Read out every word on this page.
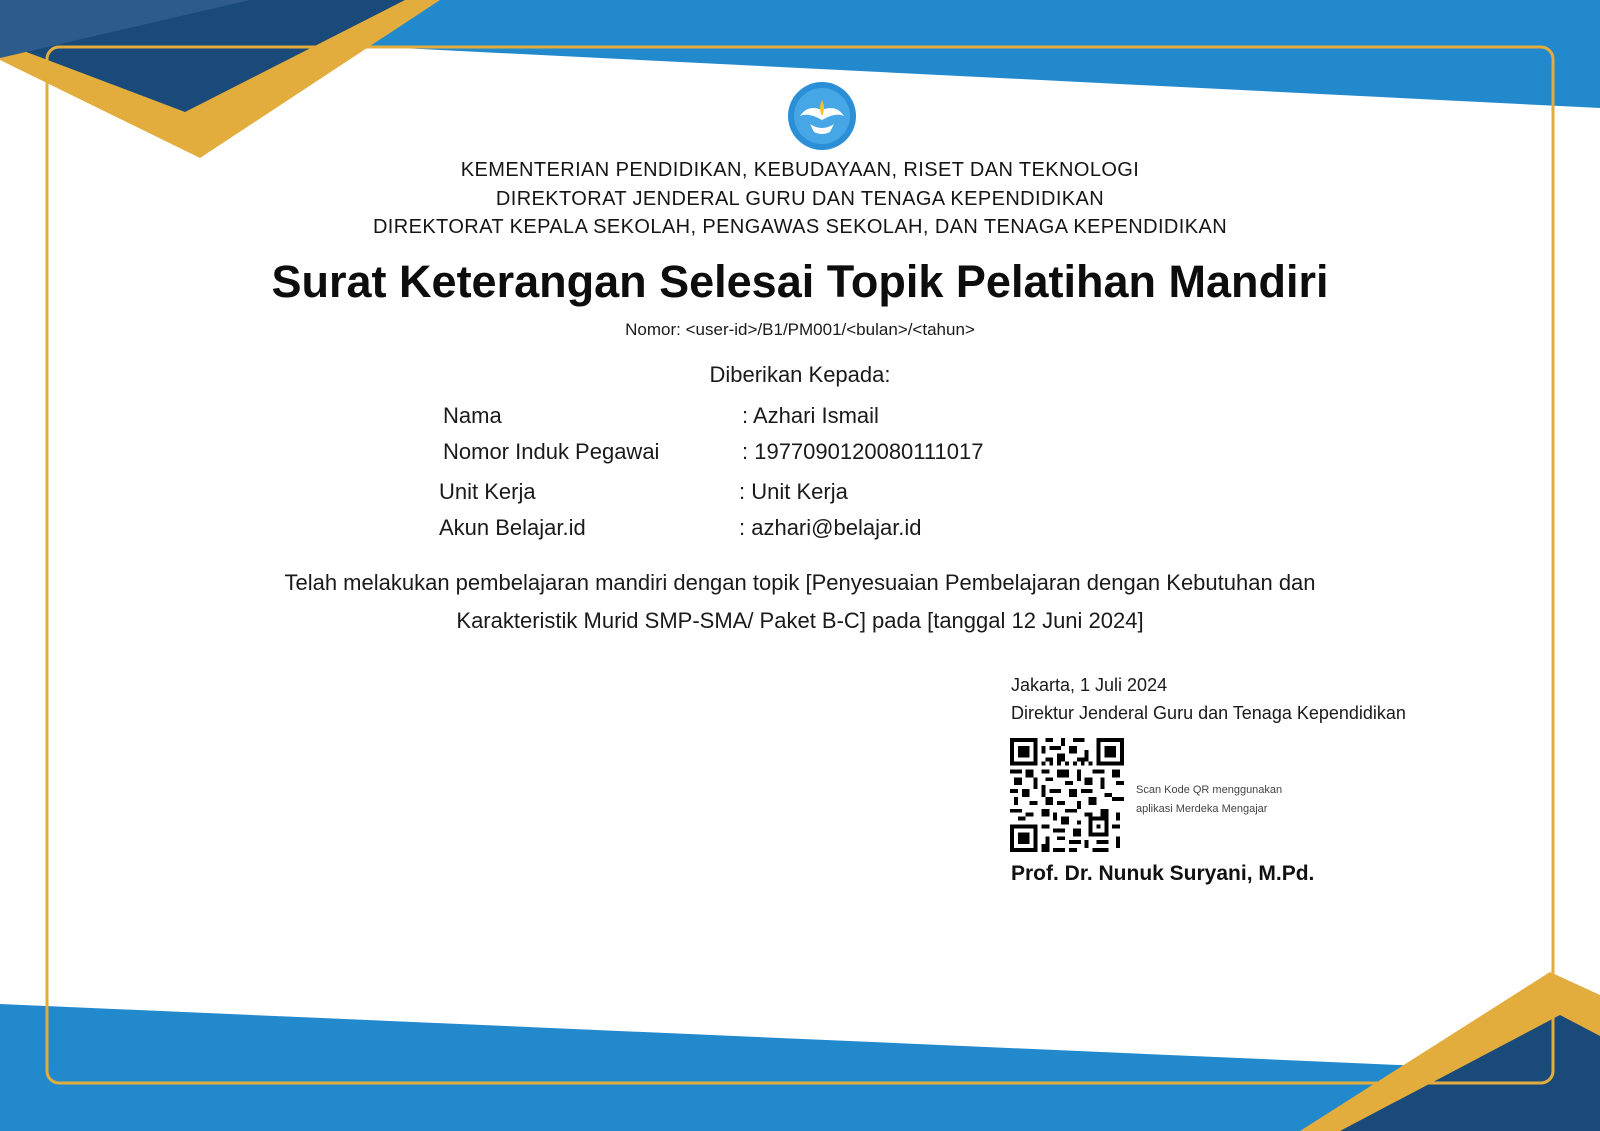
KEMENTERIAN PENDIDIKAN, KEBUDAYAAN, RISET DAN TEKNOLOGI
DIREKTORAT JENDERAL GURU DAN TENAGA KEPENDIDIKAN
DIREKTORAT KEPALA SEKOLAH, PENGAWAS SEKOLAH, DAN TENAGA KEPENDIDIKAN
Surat Keterangan Selesai Topik Pelatihan Mandiri
Nomor: <user-id>/B1/PM001/<bulan>/<tahun>
Diberikan Kepada:
Nama	: Azhari Ismail
Nomor Induk Pegawai	: 1977090120080111017
Unit Kerja	: Unit Kerja
Akun Belajar.id	: azhari@belajar.id
Telah melakukan pembelajaran mandiri dengan topik [Penyesuaian Pembelajaran dengan Kebutuhan dan
Karakteristik Murid SMP-SMA/ Paket B-C] pada [tanggal 12 Juni 2024]
Jakarta, 1 Juli 2024
Direktur Jenderal Guru dan Tenaga Kependidikan
Scan Kode QR menggunakan
aplikasi Merdeka Mengajar
Prof. Dr. Nunuk Suryani, M.Pd.
